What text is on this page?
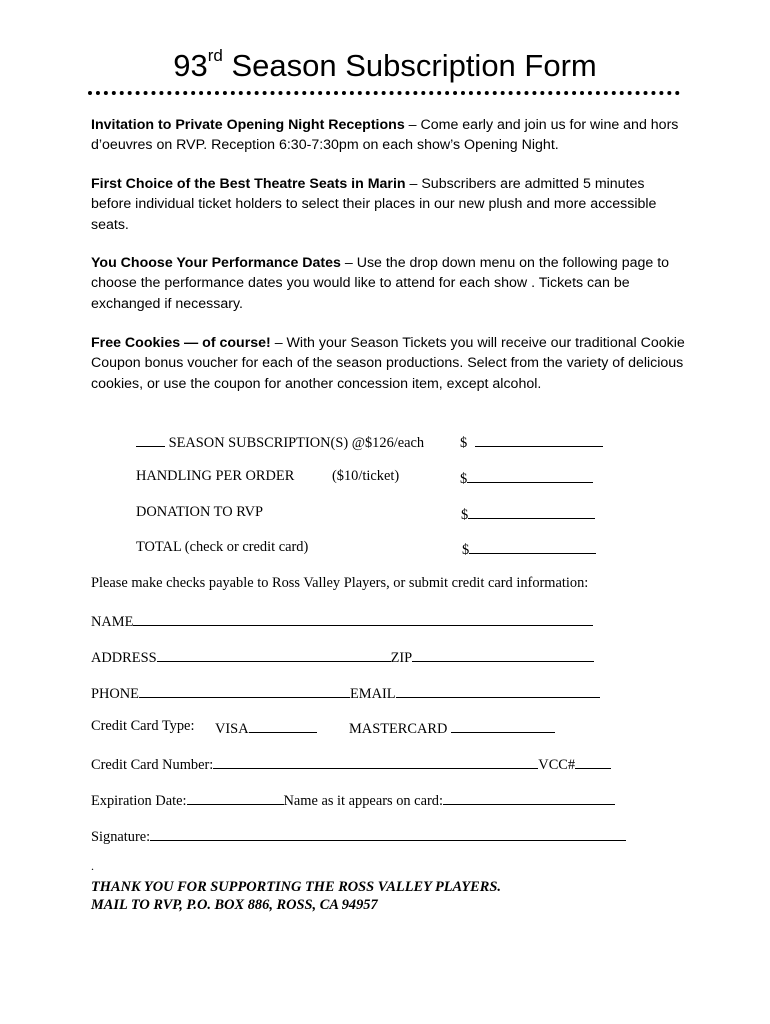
93rd Season Subscription Form
Invitation to Private Opening Night Receptions – Come early and join us for wine and hors d’oeuvres on RVP. Reception 6:30-7:30pm on each show’s Opening Night.
First Choice of the Best Theatre Seats in Marin – Subscribers are admitted 5 minutes before individual ticket holders to select their places in our new plush and more accessible seats.
You Choose Your Performance Dates – Use the drop down menu on the following page to choose the performance dates you would like to attend for each show . Tickets can be exchanged if necessary.
Free Cookies — of course! – With your Season Tickets you will receive our traditional Cookie Coupon bonus voucher for each of the season productions. Select from the variety of delicious cookies, or use the coupon for another concession item, except alcohol.
SEASON SUBSCRIPTION(S) @$126/each $
HANDLING PER ORDER	($10/ticket)	$
DONATION TO RVP	$
TOTAL (check or credit card)	$
Please make checks payable to Ross Valley Players, or submit credit card information:
NAME
ADDRESS	ZIP
PHONE	EMAIL
Credit Card Type: VISA	MASTERCARD
Credit Card Number:	VCC#
Expiration Date:	Name as it appears on card:
Signature:
.
THANK YOU FOR SUPPORTING THE ROSS VALLEY PLAYERS.
MAIL TO RVP, P.O. BOX 886, ROSS, CA 94957
